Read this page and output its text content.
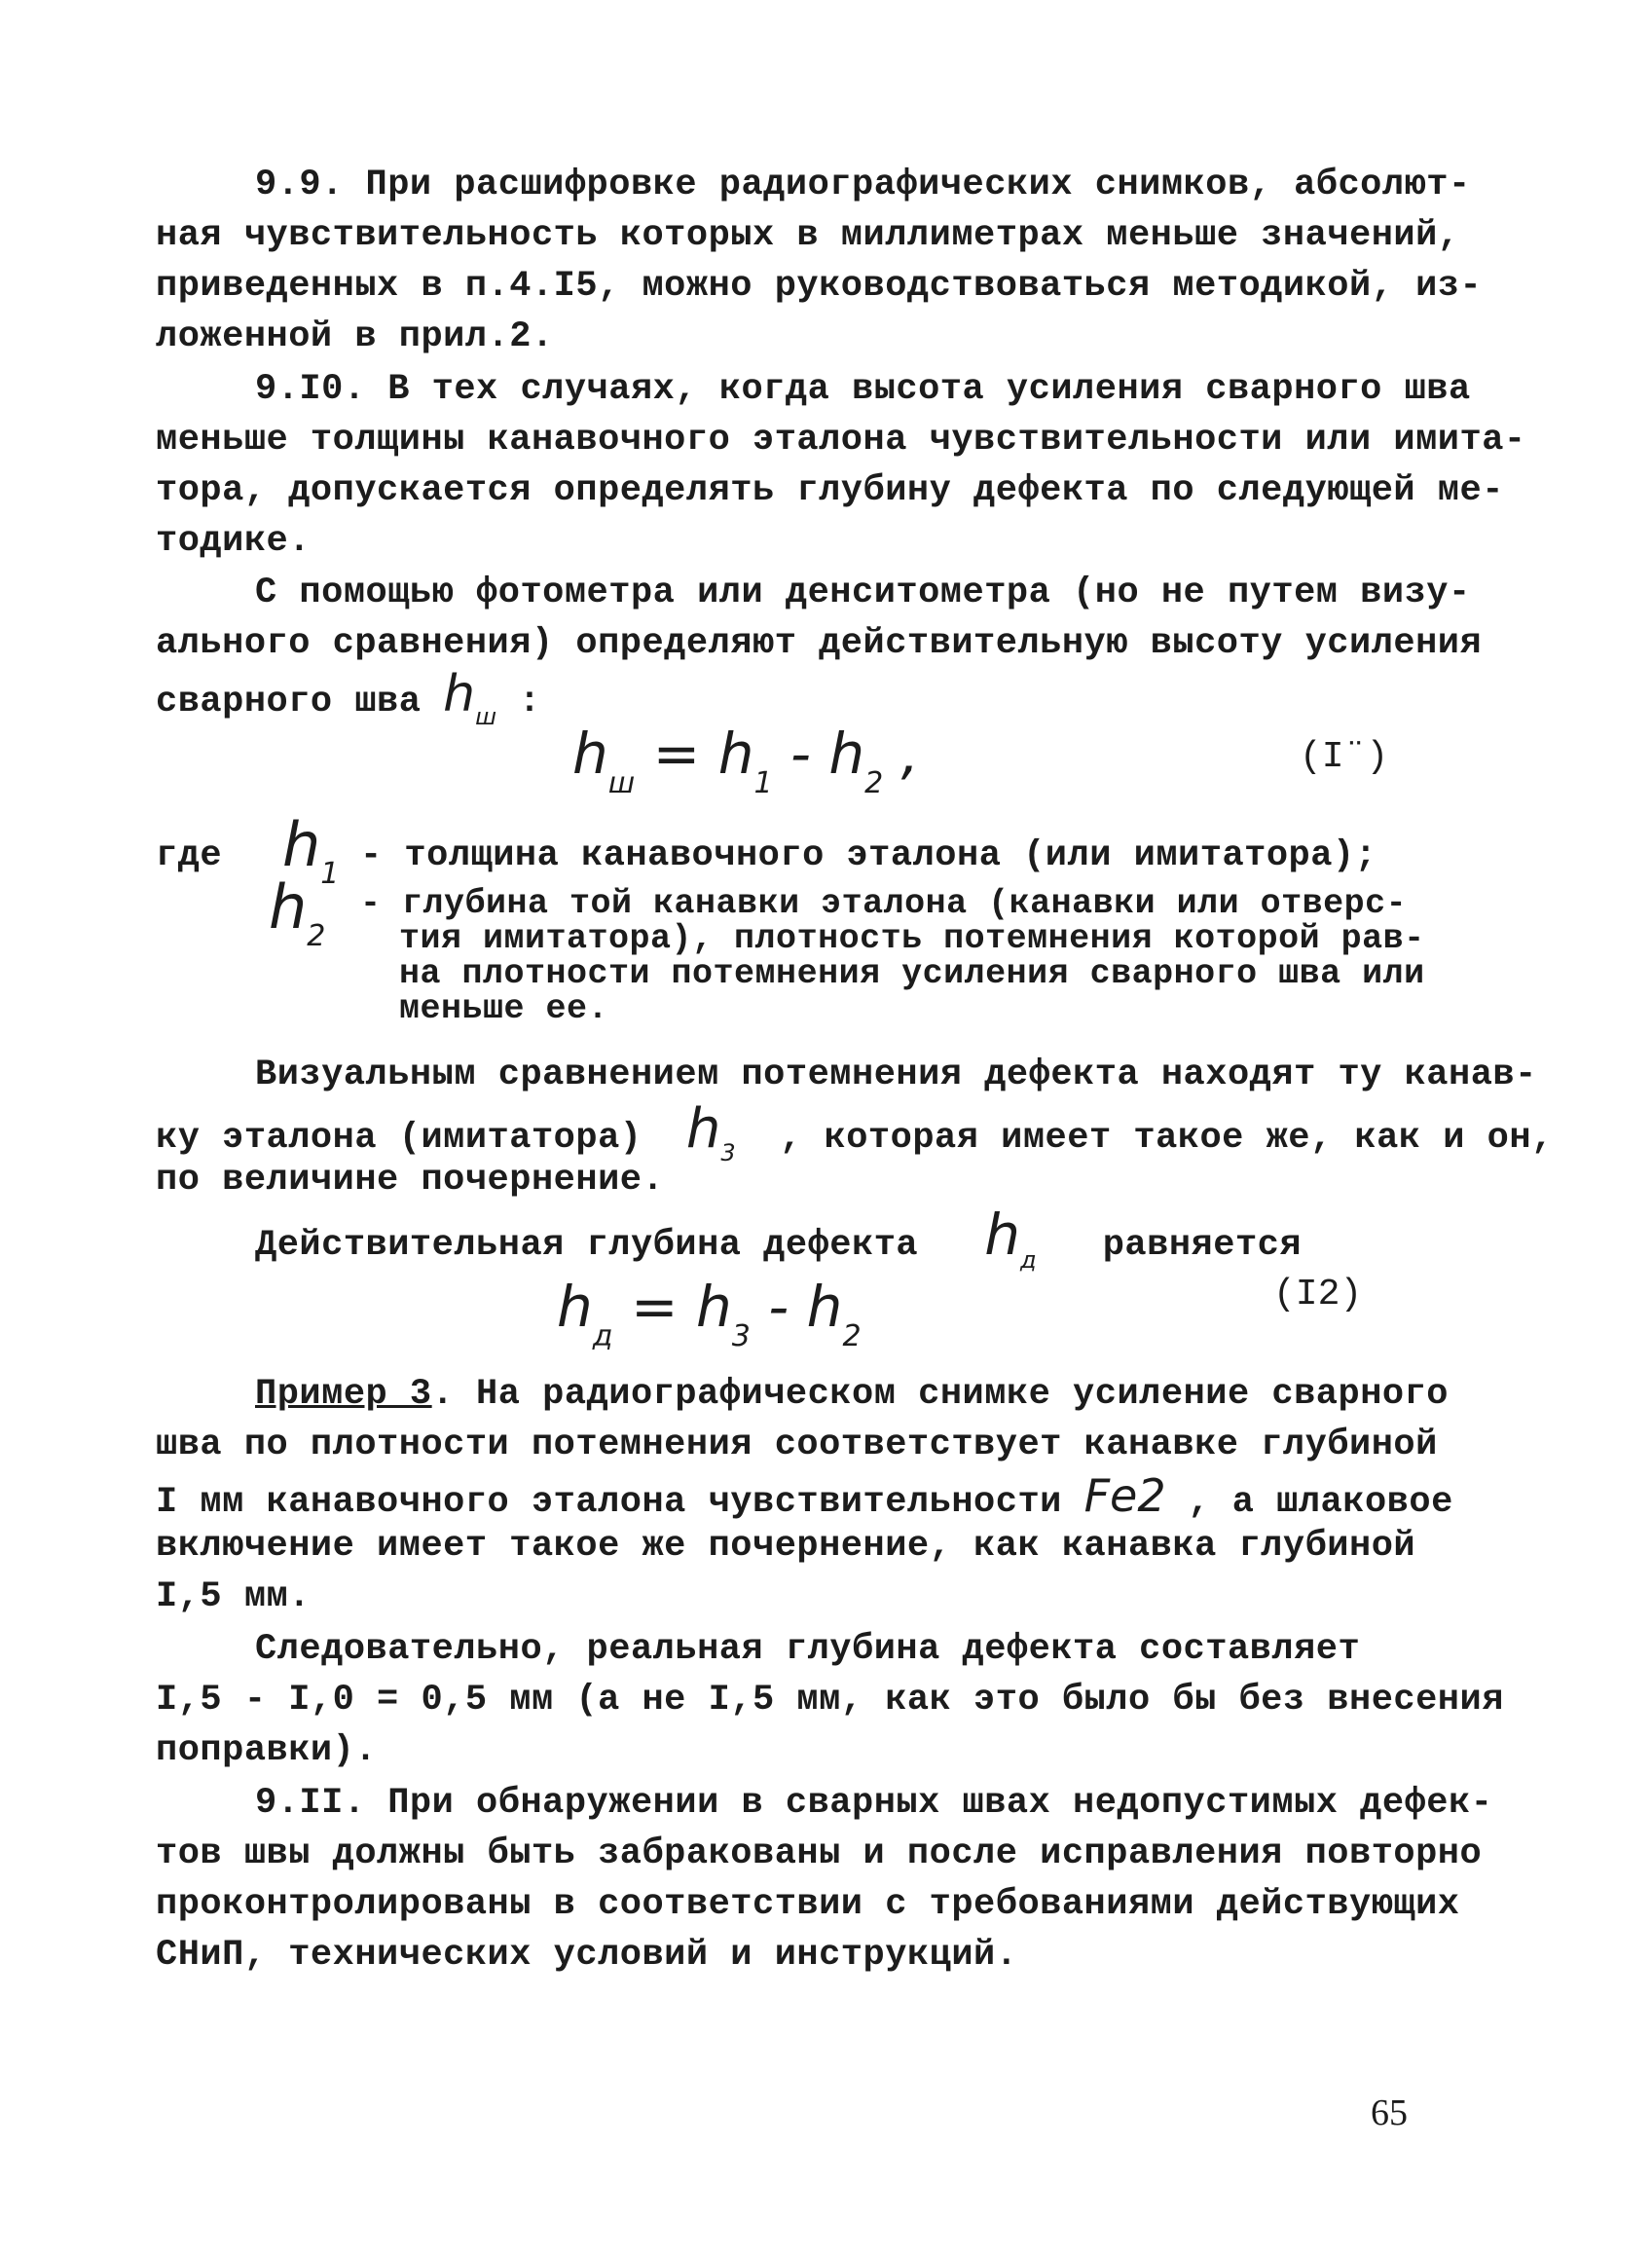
9.9. При расшифровке радиографических снимков, абсолют-
ная чувствительность которых в миллиметрах меньше значений,
приведенных в п.4.I5, можно руководствоваться методикой, из-
ложенной в прил.2.
9.I0. В тех случаях, когда высота усиления сварного шва
меньше толщины канавочного эталона чувствительности или имита-
тора, допускается определять глубину дефекта по следующей ме-
тодике.
С помощью фотометра или денситометра (но не путем визу-
ального сравнения) определяют действительную высоту усиления
сварного шва $h_ш$ :
$h_ш = h_1 - h_2$ ,	(I¨)
где $h_1$ - толщина канавочного эталона (или имитатора);
$h_2$
- глубина той канавки эталона (канавки или отверс-
тия имитатора), плотность потемнения которой рав-
на плотности потемнения усиления сварного шва или
меньше ее.
Визуальным сравнением потемнения дефекта находят ту канав-
ку эталона (имитатора) $h_3$ , которая имеет такое же, как и он,
по величине почернение.
Действительная глубина дефекта $h_д$ равняется
$h_д = h_3 - h_2$
(I2)
Пример 3. На радиографическом снимке усиление сварного
шва по плотности потемнения соответствует канавке глубиной
I мм канавочного эталона чувствительности Fe2 , а шлаковое
включение имеет такое же почернение, как канавка глубиной
I,5 мм.
Следовательно, реальная глубина дефекта составляет
I,5 - I,0 = 0,5 мм (а не I,5 мм, как это было бы без внесения
поправки).
9.II. При обнаружении в сварных швах недопустимых дефек-
тов швы должны быть забракованы и после исправления повторно
проконтролированы в соответствии с требованиями действующих
СНиП, технических условий и инструкций.
65
